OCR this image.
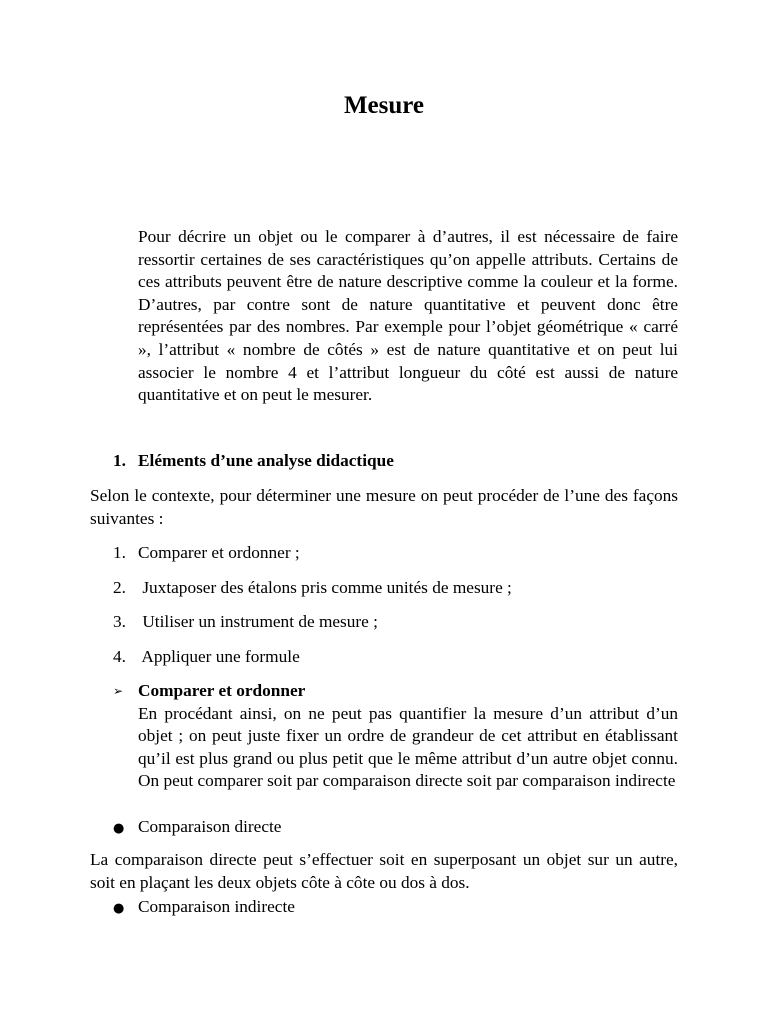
Mesure

Pour décrire un objet ou le comparer à d’autres, il est nécessaire de faire ressortir certaines de ses caractéristiques qu’on appelle attributs. Certains de ces attributs peuvent être de nature descriptive comme la couleur et la forme. D’autres, par contre sont de nature quantitative et peuvent donc être représentées par des nombres. Par exemple pour l’objet géométrique « carré », l’attribut « nombre de côtés » est de nature quantitative et on peut lui associer le nombre 4 et l’attribut longueur du côté est aussi de nature quantitative et on peut le mesurer.

1. Eléments d’une analyse didactique

Selon le contexte, pour déterminer une mesure on peut procéder de l’une des façons suivantes :

1. Comparer et ordonner ;

2. Juxtaposer des étalons pris comme unités de mesure ;

3. Utiliser un instrument de mesure ;

4. Appliquer une formule

➢ Comparer et ordonner

En procédant ainsi, on ne peut pas quantifier la mesure d’un attribut d’un objet ; on peut juste fixer un ordre de grandeur de cet attribut en établissant qu’il est plus grand ou plus petit que le même attribut d’un autre objet connu. On peut comparer soit par comparaison directe soit par comparaison indirecte

● Comparaison directe

La comparaison directe peut s’effectuer soit en superposant un objet sur un autre, soit en plaçant les deux objets côte à côte ou dos à dos.

● Comparaison indirecte
